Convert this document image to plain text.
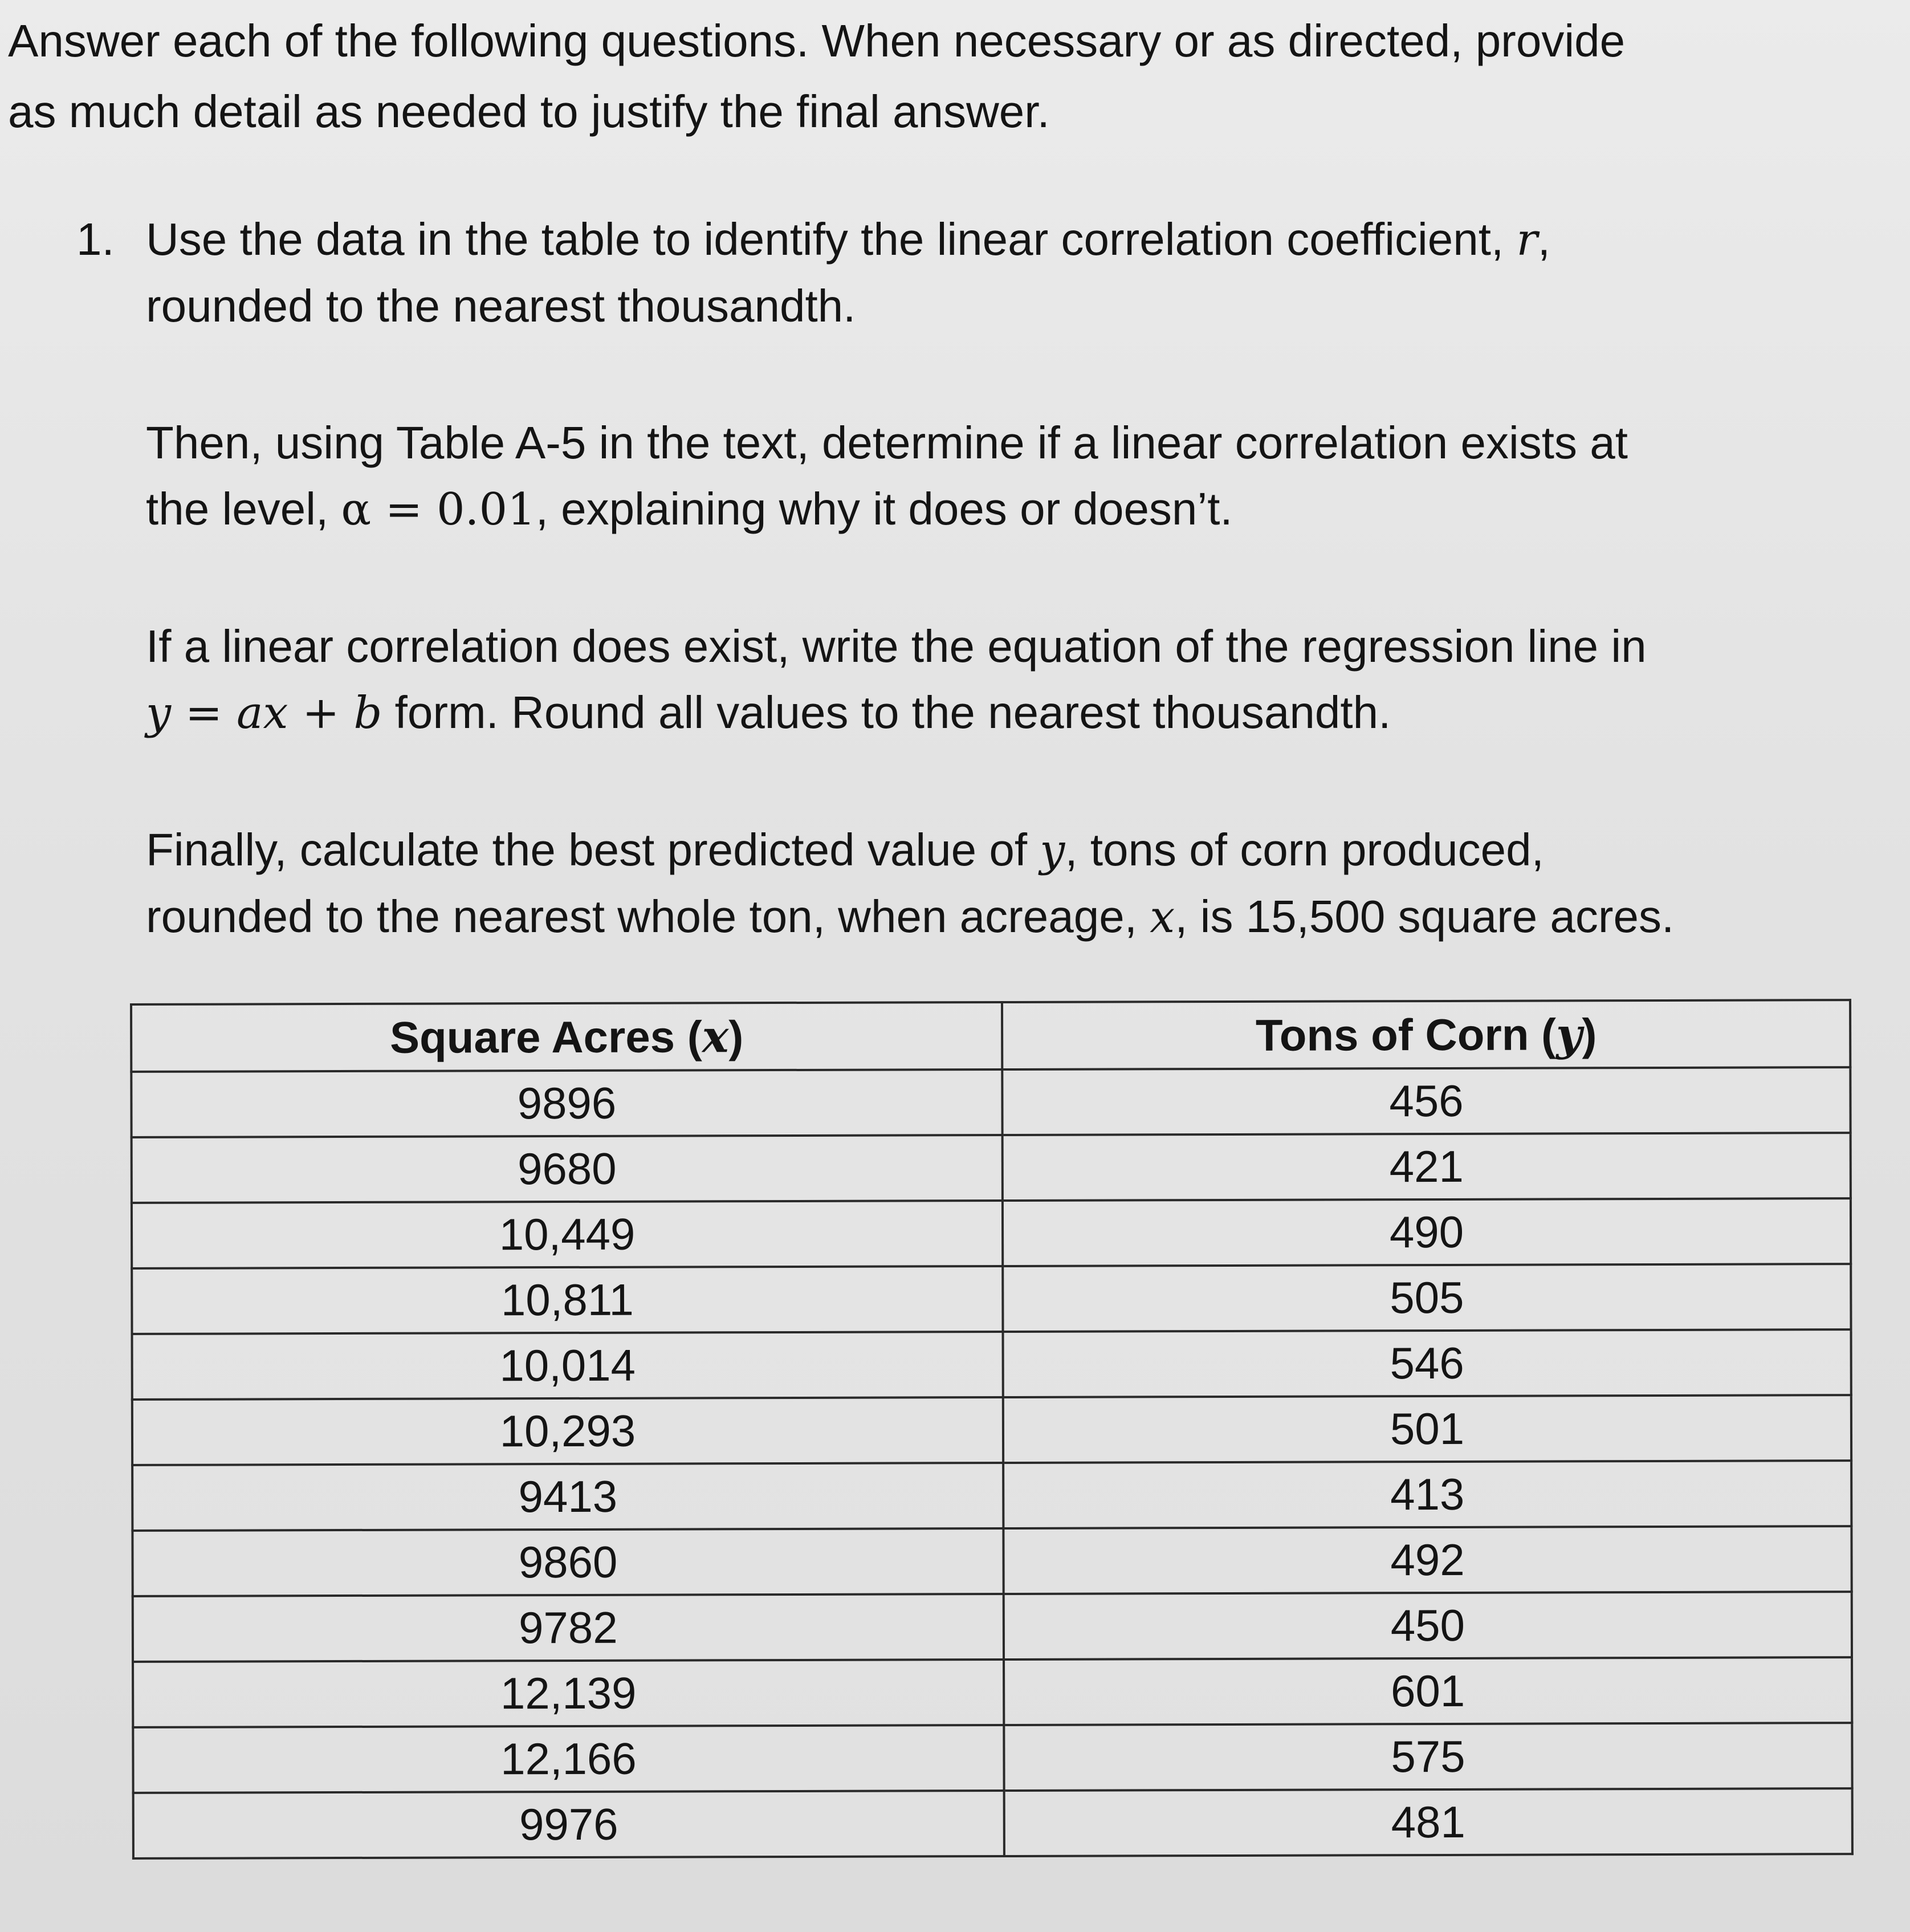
Answer each of the following questions. When necessary or as directed, provide
as much detail as needed to justify the final answer.
1. Use the data in the table to identify the linear correlation coefficient, r,
rounded to the nearest thousandth.
Then, using Table A-5 in the text, determine if a linear correlation exists at
the level, α = 0.01, explaining why it does or doesn’t.
If a linear correlation does exist, write the equation of the regression line in
y = ax + b form. Round all values to the nearest thousandth.
Finally, calculate the best predicted value of y, tons of corn produced,
rounded to the nearest whole ton, when acreage, x, is 15,500 square acres.
Square Acres (x)	Tons of Corn (y)
9896	456
9680	421
10,449	490
10,811	505
10,014	546
10,293	501
9413	413
9860	492
9782	450
12,139	601
12,166	575
9976	481
